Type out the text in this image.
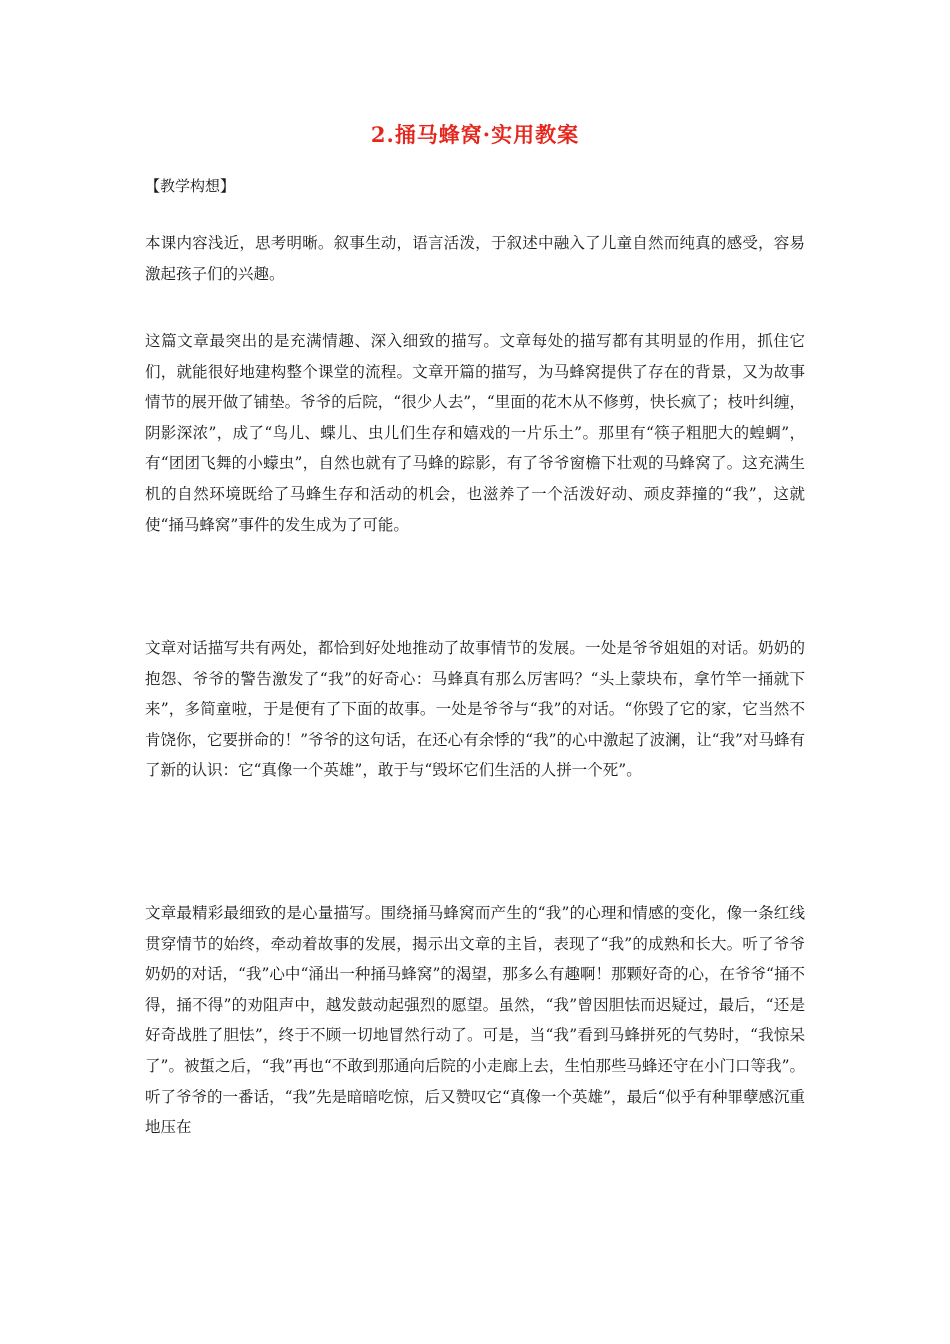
2.捅马蜂窝·实用教案
【教学构想】

本课内容浅近，思考明晰。叙事生动，语言活泼，于叙述中融入了儿童自然而纯真的感受，容易激起孩子们的兴趣。

这篇文章最突出的是充满情趣、深入细致的描写。文章每处的描写都有其明显的作用，抓住它们，就能很好地建构整个课堂的流程。文章开篇的描写，为马蜂窝提供了存在的背景，又为故事情节的展开做了铺垫。爷爷的后院，“很少人去”，“里面的花木从不修剪，快长疯了；枝叶纠缠，阴影深浓”，成了“鸟儿、蝶儿、虫儿们生存和嬉戏的一片乐土”。那里有“筷子粗肥大的蝗蜩”，有“团团飞舞的小蠓虫”，自然也就有了马蜂的踪影，有了爷爷窗檐下壮观的马蜂窝了。这充满生机的自然环境既给了马蜂生存和活动的机会，也滋养了一个活泼好动、顽皮莽撞的“我”，这就使“捅马蜂窝”事件的发生成为了可能。

文章对话描写共有两处，都恰到好处地推动了故事情节的发展。一处是爷爷姐姐的对话。奶奶的抱怨、爷爷的警告激发了“我”的好奇心：马蜂真有那么厉害吗？“头上蒙块布，拿竹竿一捅就下来”，多简童啦，于是便有了下面的故事。一处是爷爷与“我”的对话。“你毁了它的家，它当然不肯饶你，它要拼命的！”爷爷的这句话，在还心有余悸的“我”的心中激起了波澜，让“我”对马蜂有了新的认识：它“真像一个英雄”，敢于与“毁坏它们生活的人拼一个死”。

文章最精彩最细致的是心量描写。围绕捅马蜂窝而产生的“我”的心理和情感的变化，像一条红线贯穿情节的始终，牵动着故事的发展，揭示出文章的主旨，表现了“我”的成熟和长大。听了爷爷奶奶的对话，“我”心中“涌出一种捅马蜂窝”的渴望，那多么有趣啊！那颗好奇的心，在爷爷“捅不得，捅不得”的劝阻声中，越发鼓动起强烈的愿望。虽然，“我”曾因胆怯而迟疑过，最后，“还是好奇战胜了胆怯”，终于不顾一切地冒然行动了。可是，当“我”看到马蜂拼死的气势时，“我惊呆了”。被蜇之后，“我”再也“不敢到那通向后院的小走廊上去，生怕那些马蜂还守在小门口等我”。听了爷爷的一番话，“我”先是暗暗吃惊，后又赞叹它“真像一个英雄”，最后“似乎有种罪孽感沉重地压在
